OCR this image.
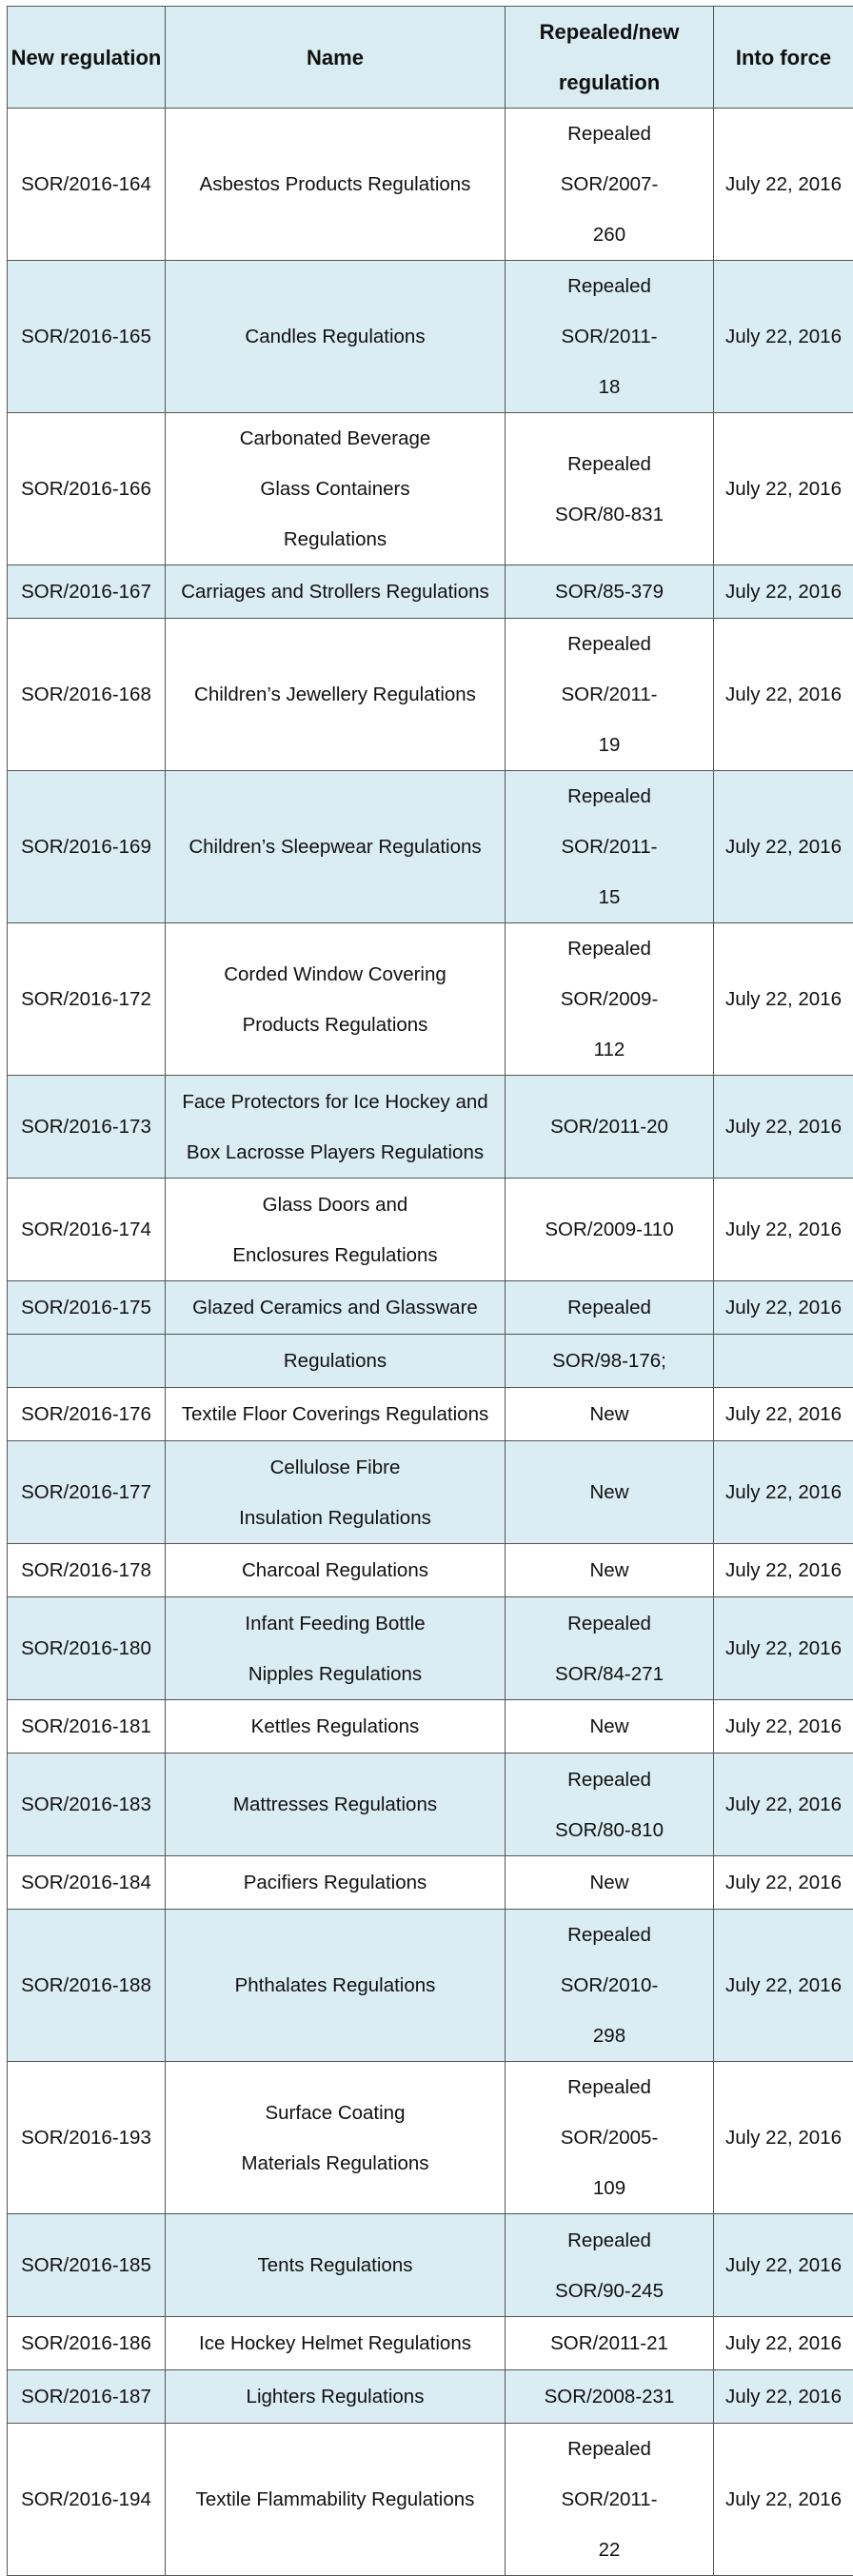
New regulation	Name	Repealed/new regulation	Into force
SOR/2016-164	Asbestos Products Regulations	Repealed SOR/2007-260	July 22, 2016
SOR/2016-165	Candles Regulations	Repealed SOR/2011-18	July 22, 2016
SOR/2016-166	Carbonated Beverage Glass Containers Regulations	Repealed SOR/80-831	July 22, 2016
SOR/2016-167	Carriages and Strollers Regulations	SOR/85-379	July 22, 2016
SOR/2016-168	Children’s Jewellery Regulations	Repealed SOR/2011-19	July 22, 2016
SOR/2016-169	Children’s Sleepwear Regulations	Repealed SOR/2011-15	July 22, 2016
SOR/2016-172	Corded Window Covering Products Regulations	Repealed SOR/2009-112	July 22, 2016
SOR/2016-173	Face Protectors for Ice Hockey and Box Lacrosse Players Regulations	SOR/2011-20	July 22, 2016
SOR/2016-174	Glass Doors and Enclosures Regulations	SOR/2009-110	July 22, 2016
SOR/2016-175	Glazed Ceramics and Glassware	Repealed	July 22, 2016
	Regulations	SOR/98-176;	
SOR/2016-176	Textile Floor Coverings Regulations	New	July 22, 2016
SOR/2016-177	Cellulose Fibre Insulation Regulations	New	July 22, 2016
SOR/2016-178	Charcoal Regulations	New	July 22, 2016
SOR/2016-180	Infant Feeding Bottle Nipples Regulations	Repealed SOR/84-271	July 22, 2016
SOR/2016-181	Kettles Regulations	New	July 22, 2016
SOR/2016-183	Mattresses Regulations	Repealed SOR/80-810	July 22, 2016
SOR/2016-184	Pacifiers Regulations	New	July 22, 2016
SOR/2016-188	Phthalates Regulations	Repealed SOR/2010-298	July 22, 2016
SOR/2016-193	Surface Coating Materials Regulations	Repealed SOR/2005-109	July 22, 2016
SOR/2016-185	Tents Regulations	Repealed SOR/90-245	July 22, 2016
SOR/2016-186	Ice Hockey Helmet Regulations	SOR/2011-21	July 22, 2016
SOR/2016-187	Lighters Regulations	SOR/2008-231	July 22, 2016
SOR/2016-194	Textile Flammability Regulations	Repealed SOR/2011-22	July 22, 2016
